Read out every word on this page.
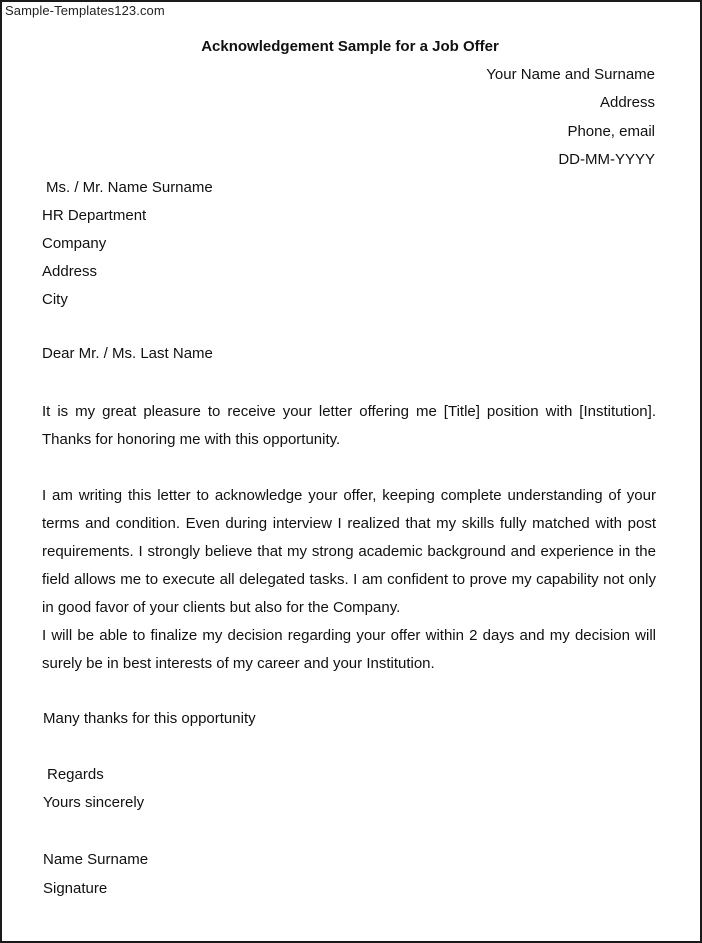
Sample-Templates123.com
Acknowledgement Sample for a Job Offer
Your Name and Surname
Address
Phone, email
DD-MM-YYYY
Ms. / Mr. Name Surname
HR Department
Company
Address
City
Dear Mr. / Ms. Last Name
It is my great pleasure to receive your letter offering me [Title] position with [Institution]. Thanks for honoring me with this opportunity.
I am writing this letter to acknowledge your offer, keeping complete understanding of your terms and condition. Even during interview I realized that my skills fully matched with post requirements. I strongly believe that my strong academic background and experience in the field allows me to execute all delegated tasks. I am confident to prove my capability not only in good favor of your clients but also for the Company.
I will be able to finalize my decision regarding your offer within 2 days and my decision will surely be in best interests of my career and your Institution.
Many thanks for this opportunity
Regards
Yours sincerely
Name Surname
Signature
